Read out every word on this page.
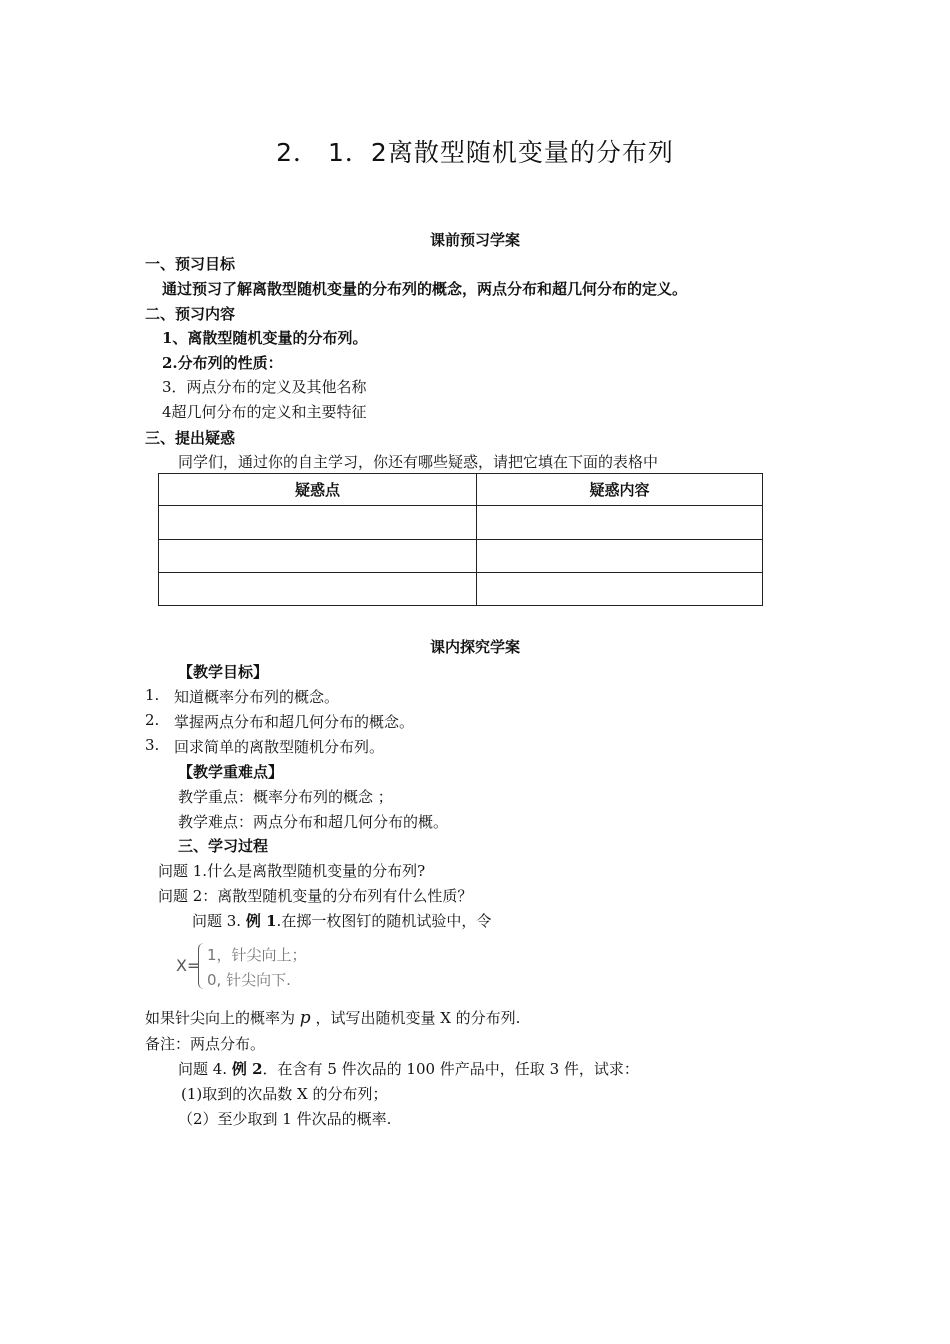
2． 1．2离散型随机变量的分布列
课前预习学案
一、预习目标
通过预习了解离散型随机变量的分布列的概念，两点分布和超几何分布的定义。
二、预习内容
1、离散型随机变量的分布列。
2.分布列的性质：
3．两点分布的定义及其他名称
4超几何分布的定义和主要特征
三、提出疑惑
同学们，通过你的自主学习，你还有哪些疑惑，请把它填在下面的表格中
疑惑点	疑惑内容

课内探究学案
【教学目标】
1. 知道概率分布列的概念。
2. 掌握两点分布和超几何分布的概念。
3. 回求简单的离散型随机分布列。
【教学重难点】
教学重点：概率分布列的概念 ；
教学难点：两点分布和超几何分布的概。
三、学习过程
问题 1.什么是离散型随机变量的分布列?
问题 2：离散型随机变量的分布列有什么性质？
问题 3. 例 1.在掷一枚图钉的随机试验中，令
X=
1，针尖向上；
0, 针尖向下.
如果针尖向上的概率为 p ，试写出随机变量 X 的分布列.
备注：两点分布。
问题 4. 例 2．在含有 5 件次品的 100 件产品中，任取 3 件，试求：
(1)取到的次品数 X 的分布列；
（2）至少取到 1 件次品的概率.
